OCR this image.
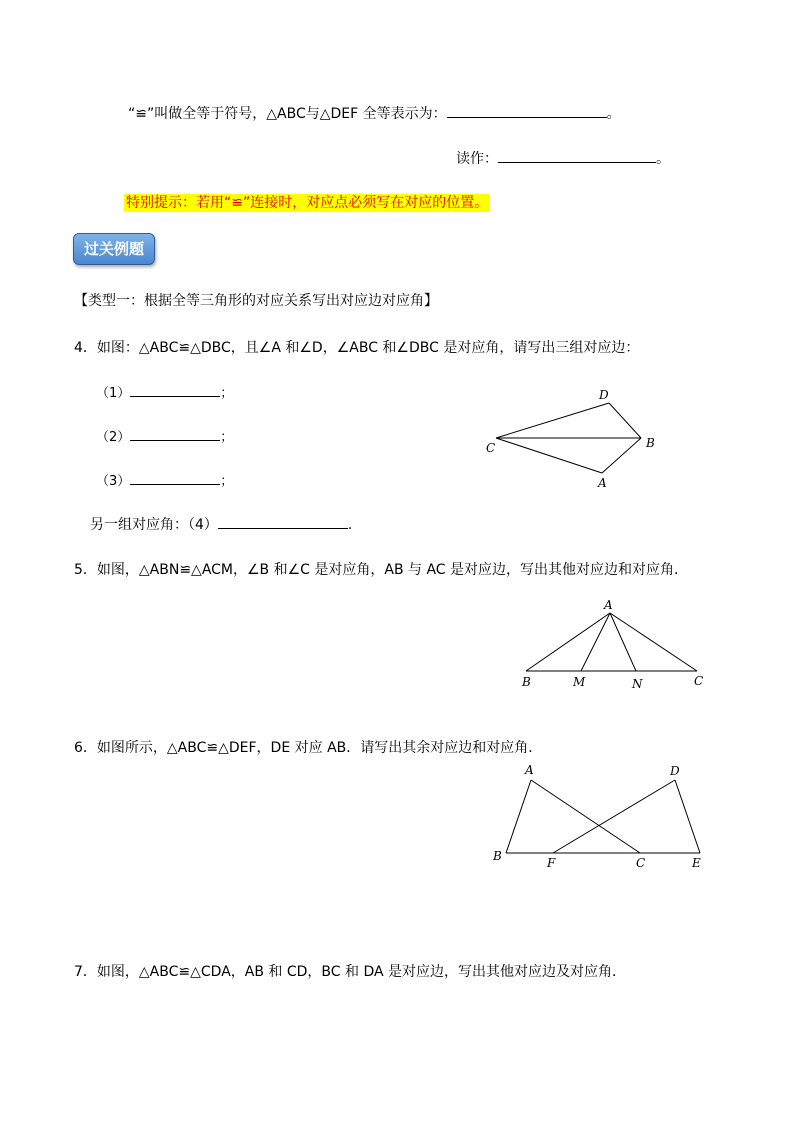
“≌”叫做全等于符号，△ABC与△DEF 全等表示为：	。
读作：	。
特别提示：若用“≌”连接时，对应点必须写在对应的位置。
过关例题
【类型一：根据全等三角形的对应关系写出对应边对应角】
4．如图：△ABC≌△DBC，且∠A 和∠D，∠ABC 和∠DBC 是对应角，请写出三组对应边：
（1）	；
（2）	；
（3）	；
另一组对应角：（4）	.
D
C	B
A
5．如图，△ABN≌△ACM，∠B 和∠C 是对应角，AB 与 AC 是对应边，写出其他对应边和对应角．
A
B	M	N	C
6．如图所示，△ABC≌△DEF，DE 对应 AB．请写出其余对应边和对应角．
A	D
B	F	C	E
7．如图，△ABC≌△CDA，AB 和 CD，BC 和 DA 是对应边，写出其他对应边及对应角．
